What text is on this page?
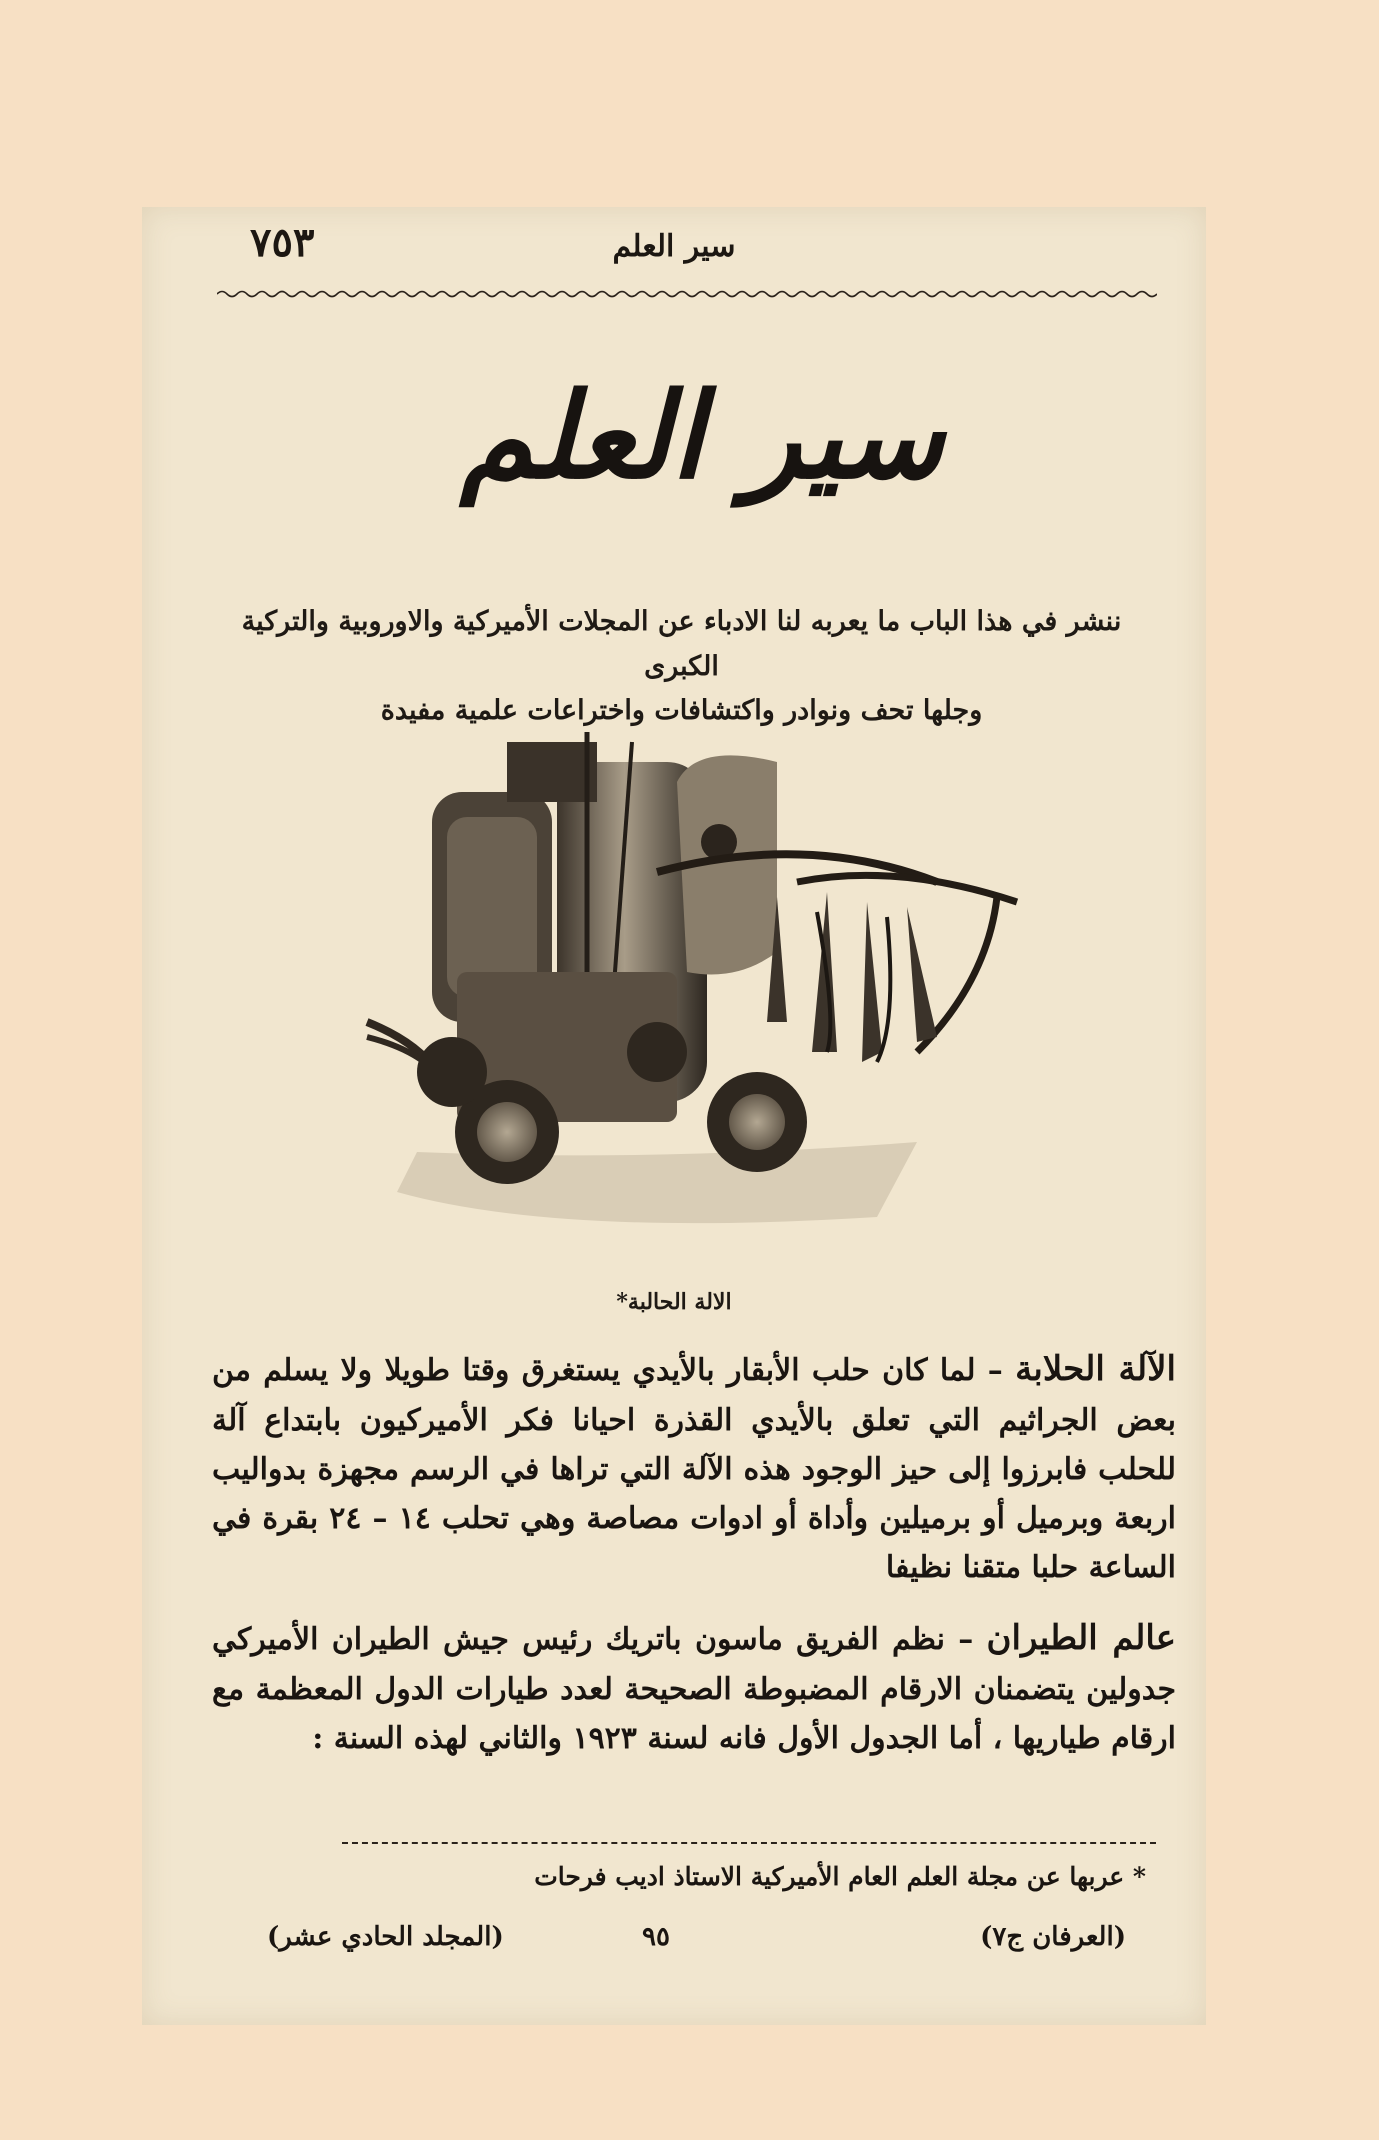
٧٥٣	سير العلم
سير العلم
ننشر في هذا الباب ما يعربه لنا الادباء عن المجلات الأميركية والاوروبية والتركية الكبرى
وجلها تحف ونوادر واكتشافات واختراعات علمية مفيدة
الالة الحالبة*

الآلة الحلابة – لما كان حلب الأبقار بالأيدي يستغرق وقتا طويلا ولا يسلم من بعض الجراثيم التي تعلق بالأيدي القذرة احيانا فكر الأميركيون بابتداع آلة للحلب فابرزوا إلى حيز الوجود هذه الآلة التي تراها في الرسم مجهزة بدواليب اربعة وبرميل أو برميلين وأداة أو ادوات مصاصة وهي تحلب ١٤ – ٢٤ بقرة في الساعة حلبا متقنا نظيفا

عالم الطيران – نظم الفريق ماسون باتريك رئيس جيش الطيران الأميركي جدولين يتضمنان الارقام المضبوطة الصحيحة لعدد طيارات الدول المعظمة مع ارقام طياريها ، أما الجدول الأول فانه لسنة ١٩٢٣ والثاني لهذه السنة :

* عربها عن مجلة العلم العام الأميركية الاستاذ اديب فرحات
(العرفان ج٧)
٩٥
(المجلد الحادي عشر)
